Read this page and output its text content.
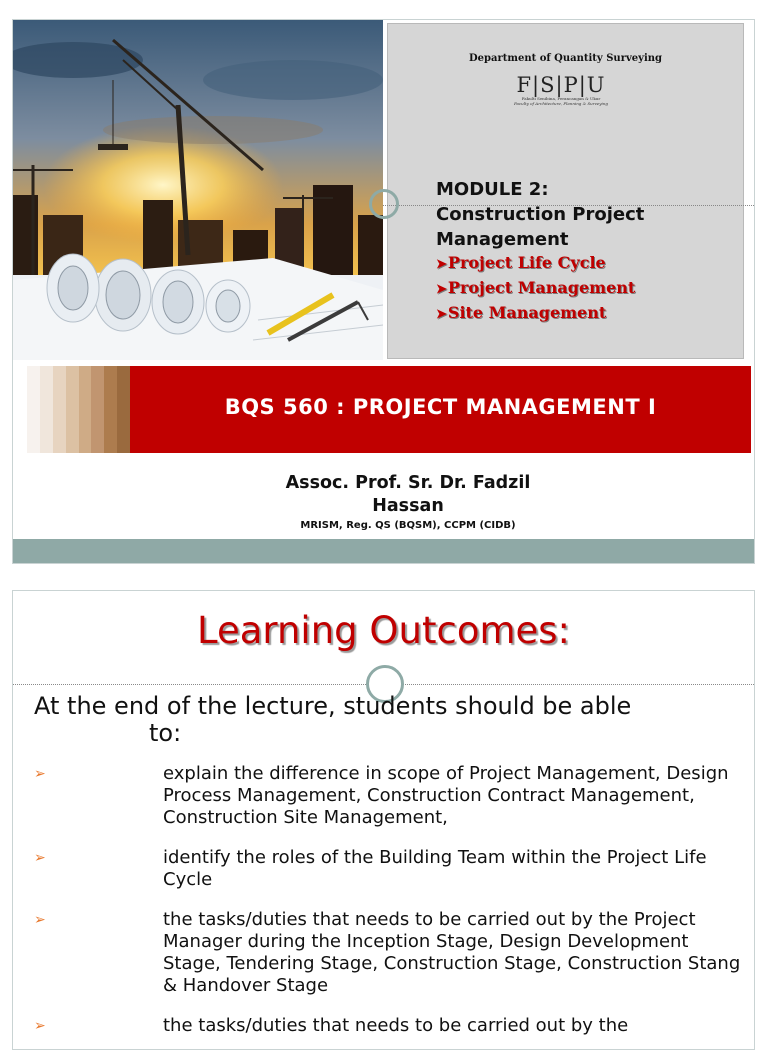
Department of Quantity Surveying
F|S|P|U
Fakulti Senibina, Perancangan & Ukur
Faculty of Architecture, Planning & Surveying
MODULE 2:
Construction Project
Management
➤Project Life Cycle
➤Project Management
➤Site Management
BQS 560 : PROJECT MANAGEMENT I
Assoc. Prof. Sr. Dr. Fadzil
Hassan
MRISM, Reg. QS (BQSM), CCPM (CIDB)
Learning Outcomes:
At the end of the lecture, students should be able
to:
➢	explain the difference in scope of Project Management, Design Process Management, Construction Contract Management, Construction Site Management,
➢	identify the roles of the Building Team within the Project Life Cycle
➢	the tasks/duties that needs to be carried out by the Project Manager during the Inception Stage, Design Development Stage, Tendering Stage, Construction Stage, Construction Stang & Handover Stage
➢	the tasks/duties that needs to be carried out by the
